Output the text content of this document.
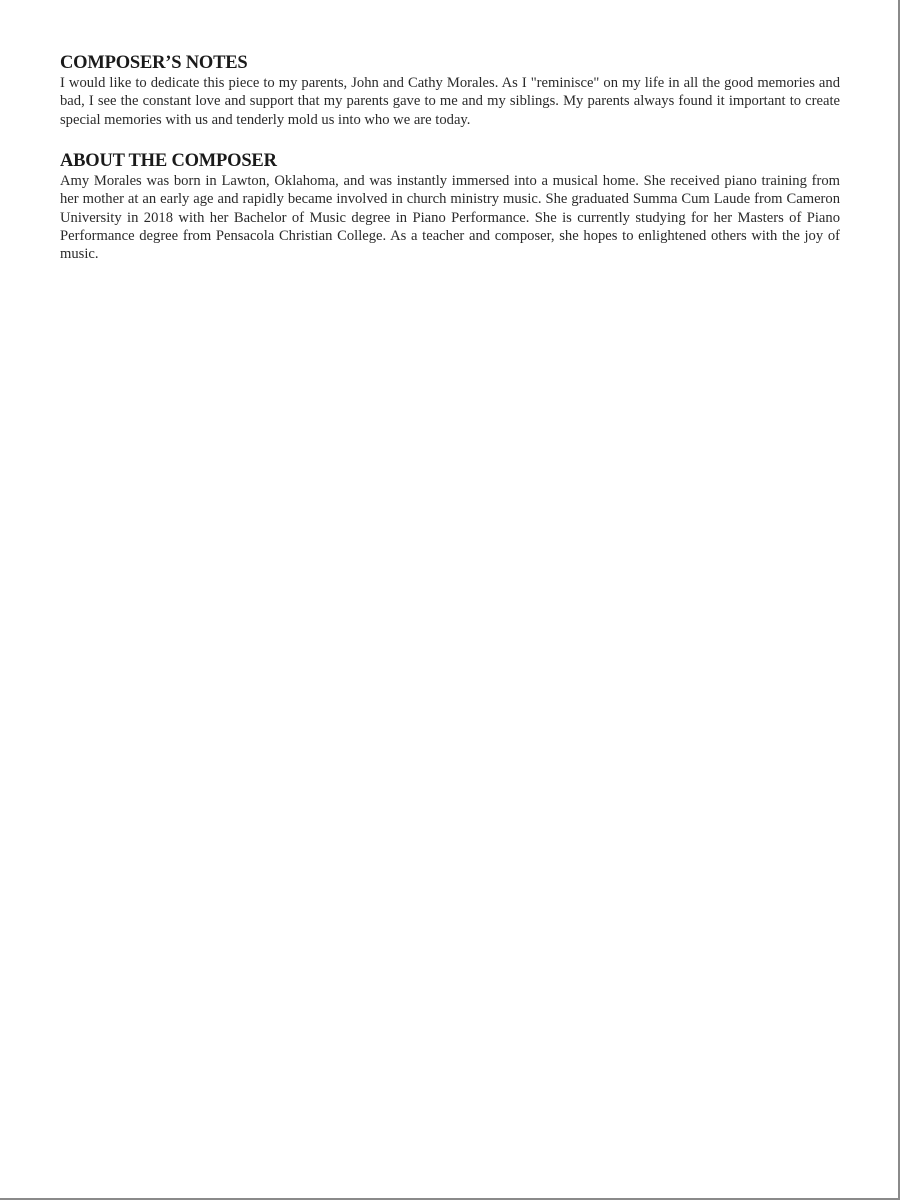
COMPOSER’S NOTES

I would like to dedicate this piece to my parents, John and Cathy Morales. As I "reminisce" on my life in all the good memories and bad, I see the constant love and support that my parents gave to me and my siblings. My parents always found it important to create special memories with us and tenderly mold us into who we are today.

ABOUT THE COMPOSER

Amy Morales was born in Lawton, Oklahoma, and was instantly immersed into a musical home. She received piano training from her mother at an early age and rapidly became involved in church ministry music. She graduated Summa Cum Laude from Cameron University in 2018 with her Bachelor of Music degree in Piano Performance. She is currently studying for her Masters of Piano Performance degree from Pensacola Christian College. As a teacher and composer, she hopes to enlightened others with the joy of music.
